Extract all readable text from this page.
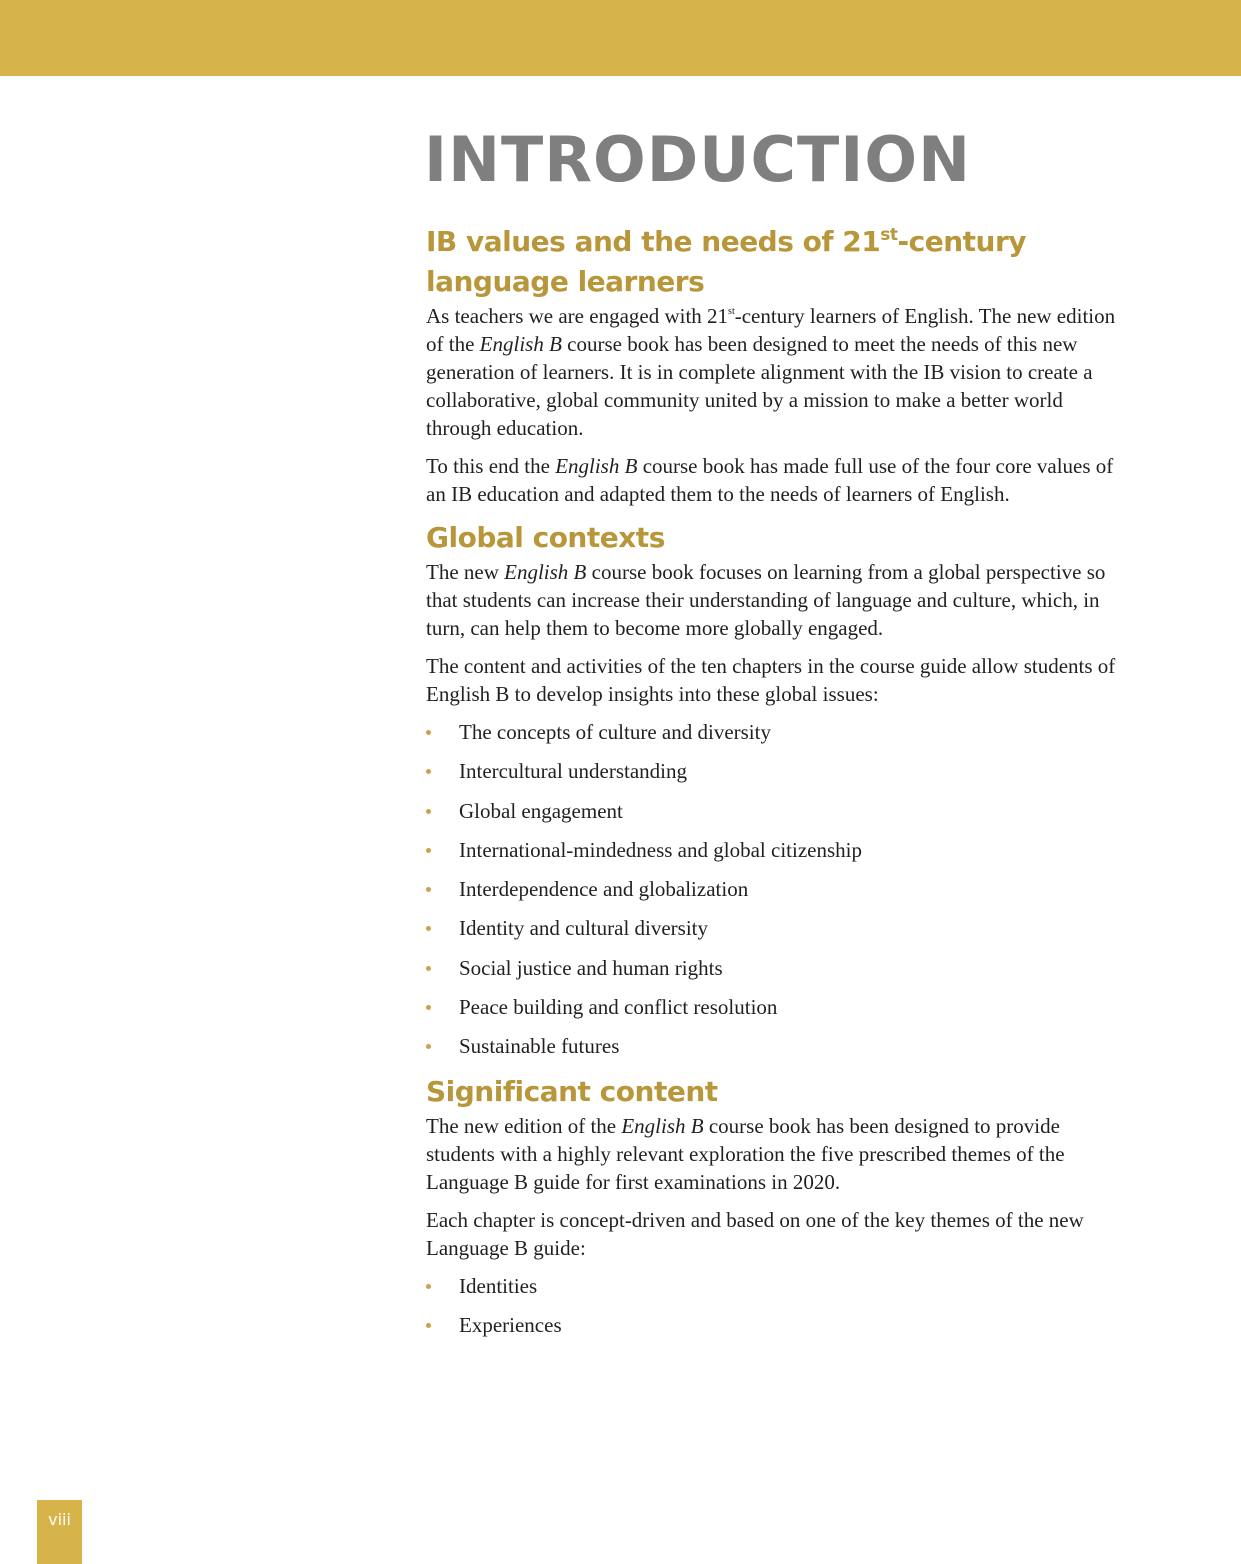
INTRODUCTION
IB values and the needs of 21st-century language learners

As teachers we are engaged with 21st-century learners of English. The new edition of the English B course book has been designed to meet the needs of this new generation of learners. It is in complete alignment with the IB vision to create a collaborative, global community united by a mission to make a better world through education.

To this end the English B course book has made full use of the four core values of an IB education and adapted them to the needs of learners of English.

Global contexts

The new English B course book focuses on learning from a global perspective so that students can increase their understanding of language and culture, which, in turn, can help them to become more globally engaged.

The content and activities of the ten chapters in the course guide allow students of English B to develop insights into these global issues:

The concepts of culture and diversity
Intercultural understanding
Global engagement
International-mindedness and global citizenship
Interdependence and globalization
Identity and cultural diversity
Social justice and human rights
Peace building and conflict resolution
Sustainable futures
Significant content

The new edition of the English B course book has been designed to provide students with a highly relevant exploration the five prescribed themes of the Language B guide for first examinations in 2020.

Each chapter is concept-driven and based on one of the key themes of the new Language B guide:

Identities
Experiences
viii
